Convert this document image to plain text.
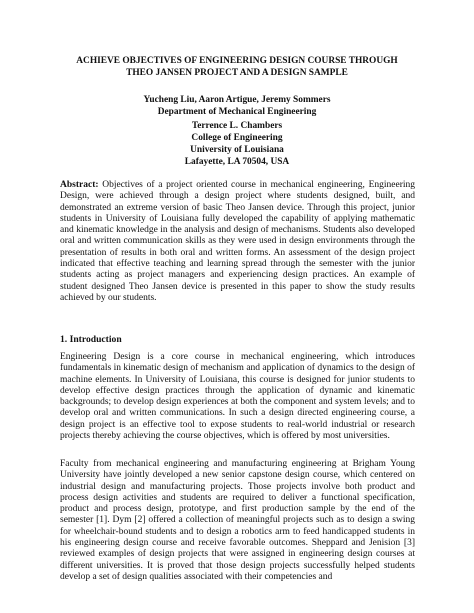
ACHIEVE OBJECTIVES OF ENGINEERING DESIGN COURSE THROUGH
THEO JANSEN PROJECT AND A DESIGN SAMPLE
Yucheng Liu, Aaron Artigue, Jeremy Sommers
Department of Mechanical Engineering
Terrence L. Chambers
College of Engineering
University of Louisiana
Lafayette, LA 70504, USA

Abstract: Objectives of a project oriented course in mechanical engineering, Engineering Design, were achieved through a design project where students designed, built, and demonstrated an extreme version of basic Theo Jansen device. Through this project, junior students in University of Louisiana fully developed the capability of applying mathematic and kinematic knowledge in the analysis and design of mechanisms. Students also developed oral and written communication skills as they were used in design environments through the presentation of results in both oral and written forms. An assessment of the design project indicated that effective teaching and learning spread through the semester with the junior students acting as project managers and experiencing design practices. An example of student designed Theo Jansen device is presented in this paper to show the study results achieved by our students.

1. Introduction

Engineering Design is a core course in mechanical engineering, which introduces fundamentals in kinematic design of mechanism and application of dynamics to the design of machine elements. In University of Louisiana, this course is designed for junior students to develop effective design practices through the application of dynamic and kinematic backgrounds; to develop design experiences at both the component and system levels; and to develop oral and written communications. In such a design directed engineering course, a design project is an effective tool to expose students to real-world industrial or research projects thereby achieving the course objectives, which is offered by most universities.

Faculty from mechanical engineering and manufacturing engineering at Brigham Young University have jointly developed a new senior capstone design course, which centered on industrial design and manufacturing projects. Those projects involve both product and process design activities and students are required to deliver a functional specification, product and process design, prototype, and first production sample by the end of the semester [1]. Dym [2] offered a collection of meaningful projects such as to design a swing for wheelchair-bound students and to design a robotics arm to feed handicapped students in his engineering design course and receive favorable outcomes. Sheppard and Jenision [3] reviewed examples of design projects that were assigned in engineering design courses at different universities. It is proved that those design projects successfully helped students develop a set of design qualities associated with their competencies and
